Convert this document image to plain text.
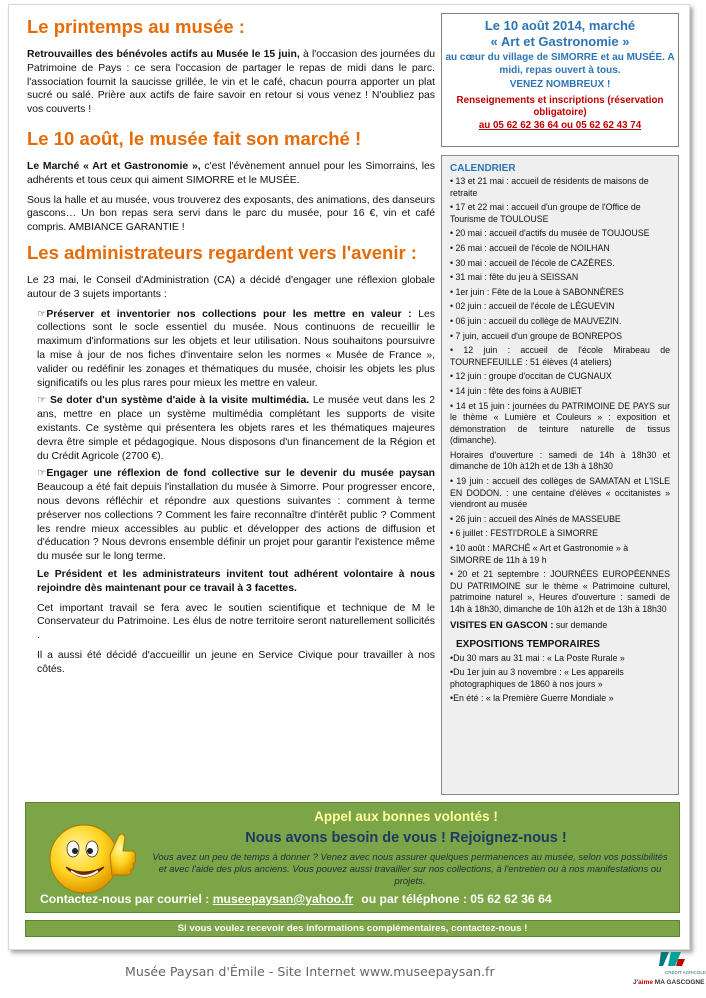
Le printemps au musée :
Retrouvailles des bénévoles actifs au Musée le 15 juin, à l'occasion des journées du Patrimoine de Pays : ce sera l'occasion de partager le repas de midi dans le parc. l'association fournit la saucisse grillée, le vin et le café, chacun pourra apporter un plat sucré ou salé. Prière aux actifs de faire savoir en retour si vous venez ! N'oubliez pas vos couverts !
Le 10 août, le musée fait son marché !
Le Marché « Art et Gastronomie », c'est l'évènement annuel pour les Simorrains, les adhérents et tous ceux qui aiment SIMORRE et le MUSÉE.
Sous la halle et au musée, vous trouverez des exposants, des animations, des danseurs gascons… Un bon repas sera servi dans le parc du musée, pour 16 €, vin et café compris. AMBIANCE GARANTIE !
Les administrateurs regardent vers l'avenir :
Le 23 mai, le Conseil d'Administration (CA) a décidé d'engager une réflexion globale autour de 3 sujets importants :
☞Préserver et inventorier nos collections pour les mettre en valeur : Les collections sont le socle essentiel du musée. Nous continuons de recueillir le maximum d'informations sur les objets et leur utilisation. Nous souhaitons poursuivre la mise à jour de nos fiches d'inventaire selon les normes « Musée de France », valider ou redéfinir les zonages et thématiques du musée, choisir les objets les plus significatifs ou les plus rares pour mieux les mettre en valeur.
☞ Se doter d'un système d'aide à la visite multimédia. Le musée veut dans les 2 ans, mettre en place un système multimédia complétant les supports de visite existants. Ce système qui présentera les objets rares et les thématiques majeures devra être simple et pédagogique. Nous disposons d'un financement de la Région et du Crédit Agricole (2700 €).
☞Engager une réflexion de fond collective sur le devenir du musée paysan Beaucoup a été fait depuis l'installation du musée à Simorre. Pour progresser encore, nous devons réfléchir et répondre aux questions suivantes : comment à terme préserver nos collections ? Comment les faire reconnaître d'intérêt public ? Comment les rendre mieux accessibles au public et développer des actions de diffusion et d'éducation ? Nous devrons ensemble définir un projet pour garantir l'existence même du musée sur le long terme.
Le Président et les administrateurs invitent tout adhérent volontaire à nous rejoindre dès maintenant pour ce travail à 3 facettes.
Cet important travail se fera avec le soutien scientifique et technique de M le Conservateur du Patrimoine. Les élus de notre territoire seront naturellement sollicités .
Il a aussi été décidé d'accueillir un jeune en Service Civique pour travailler à nos côtés.
Le 10 août 2014, marché
« Art et Gastronomie »
au cœur du village de SIMORRE et au MUSÉE. A midi, repas ouvert à tous.
VENEZ NOMBREUX !
Renseignements et inscriptions (réservation obligatoire)
au 05 62 62 36 64 ou 05 62 62 43 74
CALENDRIER
• 13 et 21 mai : accueil de résidents de maisons de retraite
• 17 et 22 mai : accueil d'un groupe de l'Office de Tourisme de TOULOUSE
• 20 mai : accueil d'actifs du musée de TOUJOUSE
• 26 mai : accueil de l'école de NOILHAN
• 30 mai : accueil de l'école de CAZÈRES.
• 31 mai : fête du jeu à SEISSAN
• 1er juin : Fête de la Loue à SABONNÈRES
• 02 juin : accueil de l'école de LÉGUEVIN
• 06 juin : accueil du collège de MAUVEZIN.
• 7 juin, accueil d'un groupe de BONREPOS
• 12 juin : accueil de l'école Mirabeau de TOURNEFEUILLE : 51 élèves (4 ateliers)
• 12 juin : groupe d'occitan de CUGNAUX
• 14 juin : fête des foins à AUBIET
• 14 et 15 juin : journées du PATRIMOINE DE PAYS sur le thème « Lumière et Couleurs » : exposition et démonstration de teinture naturelle de tissus (dimanche).
Horaires d'ouverture : samedi de 14h à 18h30 et dimanche de 10h à12h et de 13h à 18h30
• 19 juin : accueil des collèges de SAMATAN et L'ISLE EN DODON. : une centaine d'élèves « occitanistes » viendront au musée
• 26 juin : accueil des Aînés de MASSEUBE
• 6 juillet : FESTI'DROLE à SIMORRE
• 10 août : MARCHÉ « Art et Gastronomie » à SIMORRE de 11h à 19 h
• 20 et 21 septembre : JOURNÉES EUROPÉENNES DU PATRIMOINE sur le thème « Patrimoine culturel, patrimoine naturel », Heures d'ouverture : samedi de 14h à 18h30, dimanche de 10h à12h et de 13h à 18h30
VISITES EN GASCON : sur demande
EXPOSITIONS TEMPORAIRES
•Du 30 mars au 31 mai : « La Poste Rurale »
•Du 1er juin au 3 novembre : « Les appareils photographiques de 1860 à nos jours »
•En été : « la Première Guerre Mondiale »
Appel aux bonnes volontés !
Nous avons besoin de vous ! Rejoignez-nous !
Vous avez un peu de temps à donner ? Venez avec nous assurer quelques permanences au musée, selon vos possibilités et avec l'aide des plus anciens. Vous pouvez aussi travailler sur nos collections, à l'entretien ou à nos manifestations ou projets.
Contactez-nous par courriel : museepaysan@yahoo.fr ou par téléphone : 05 62 62 36 64
Si vous voulez recevoir des informations complémentaires, contactez-nous !
Musée Paysan d'Émile - Site Internet www.museepaysan.fr	CRÉDIT AGRICOLE
J'aime MA GASCOGNE
